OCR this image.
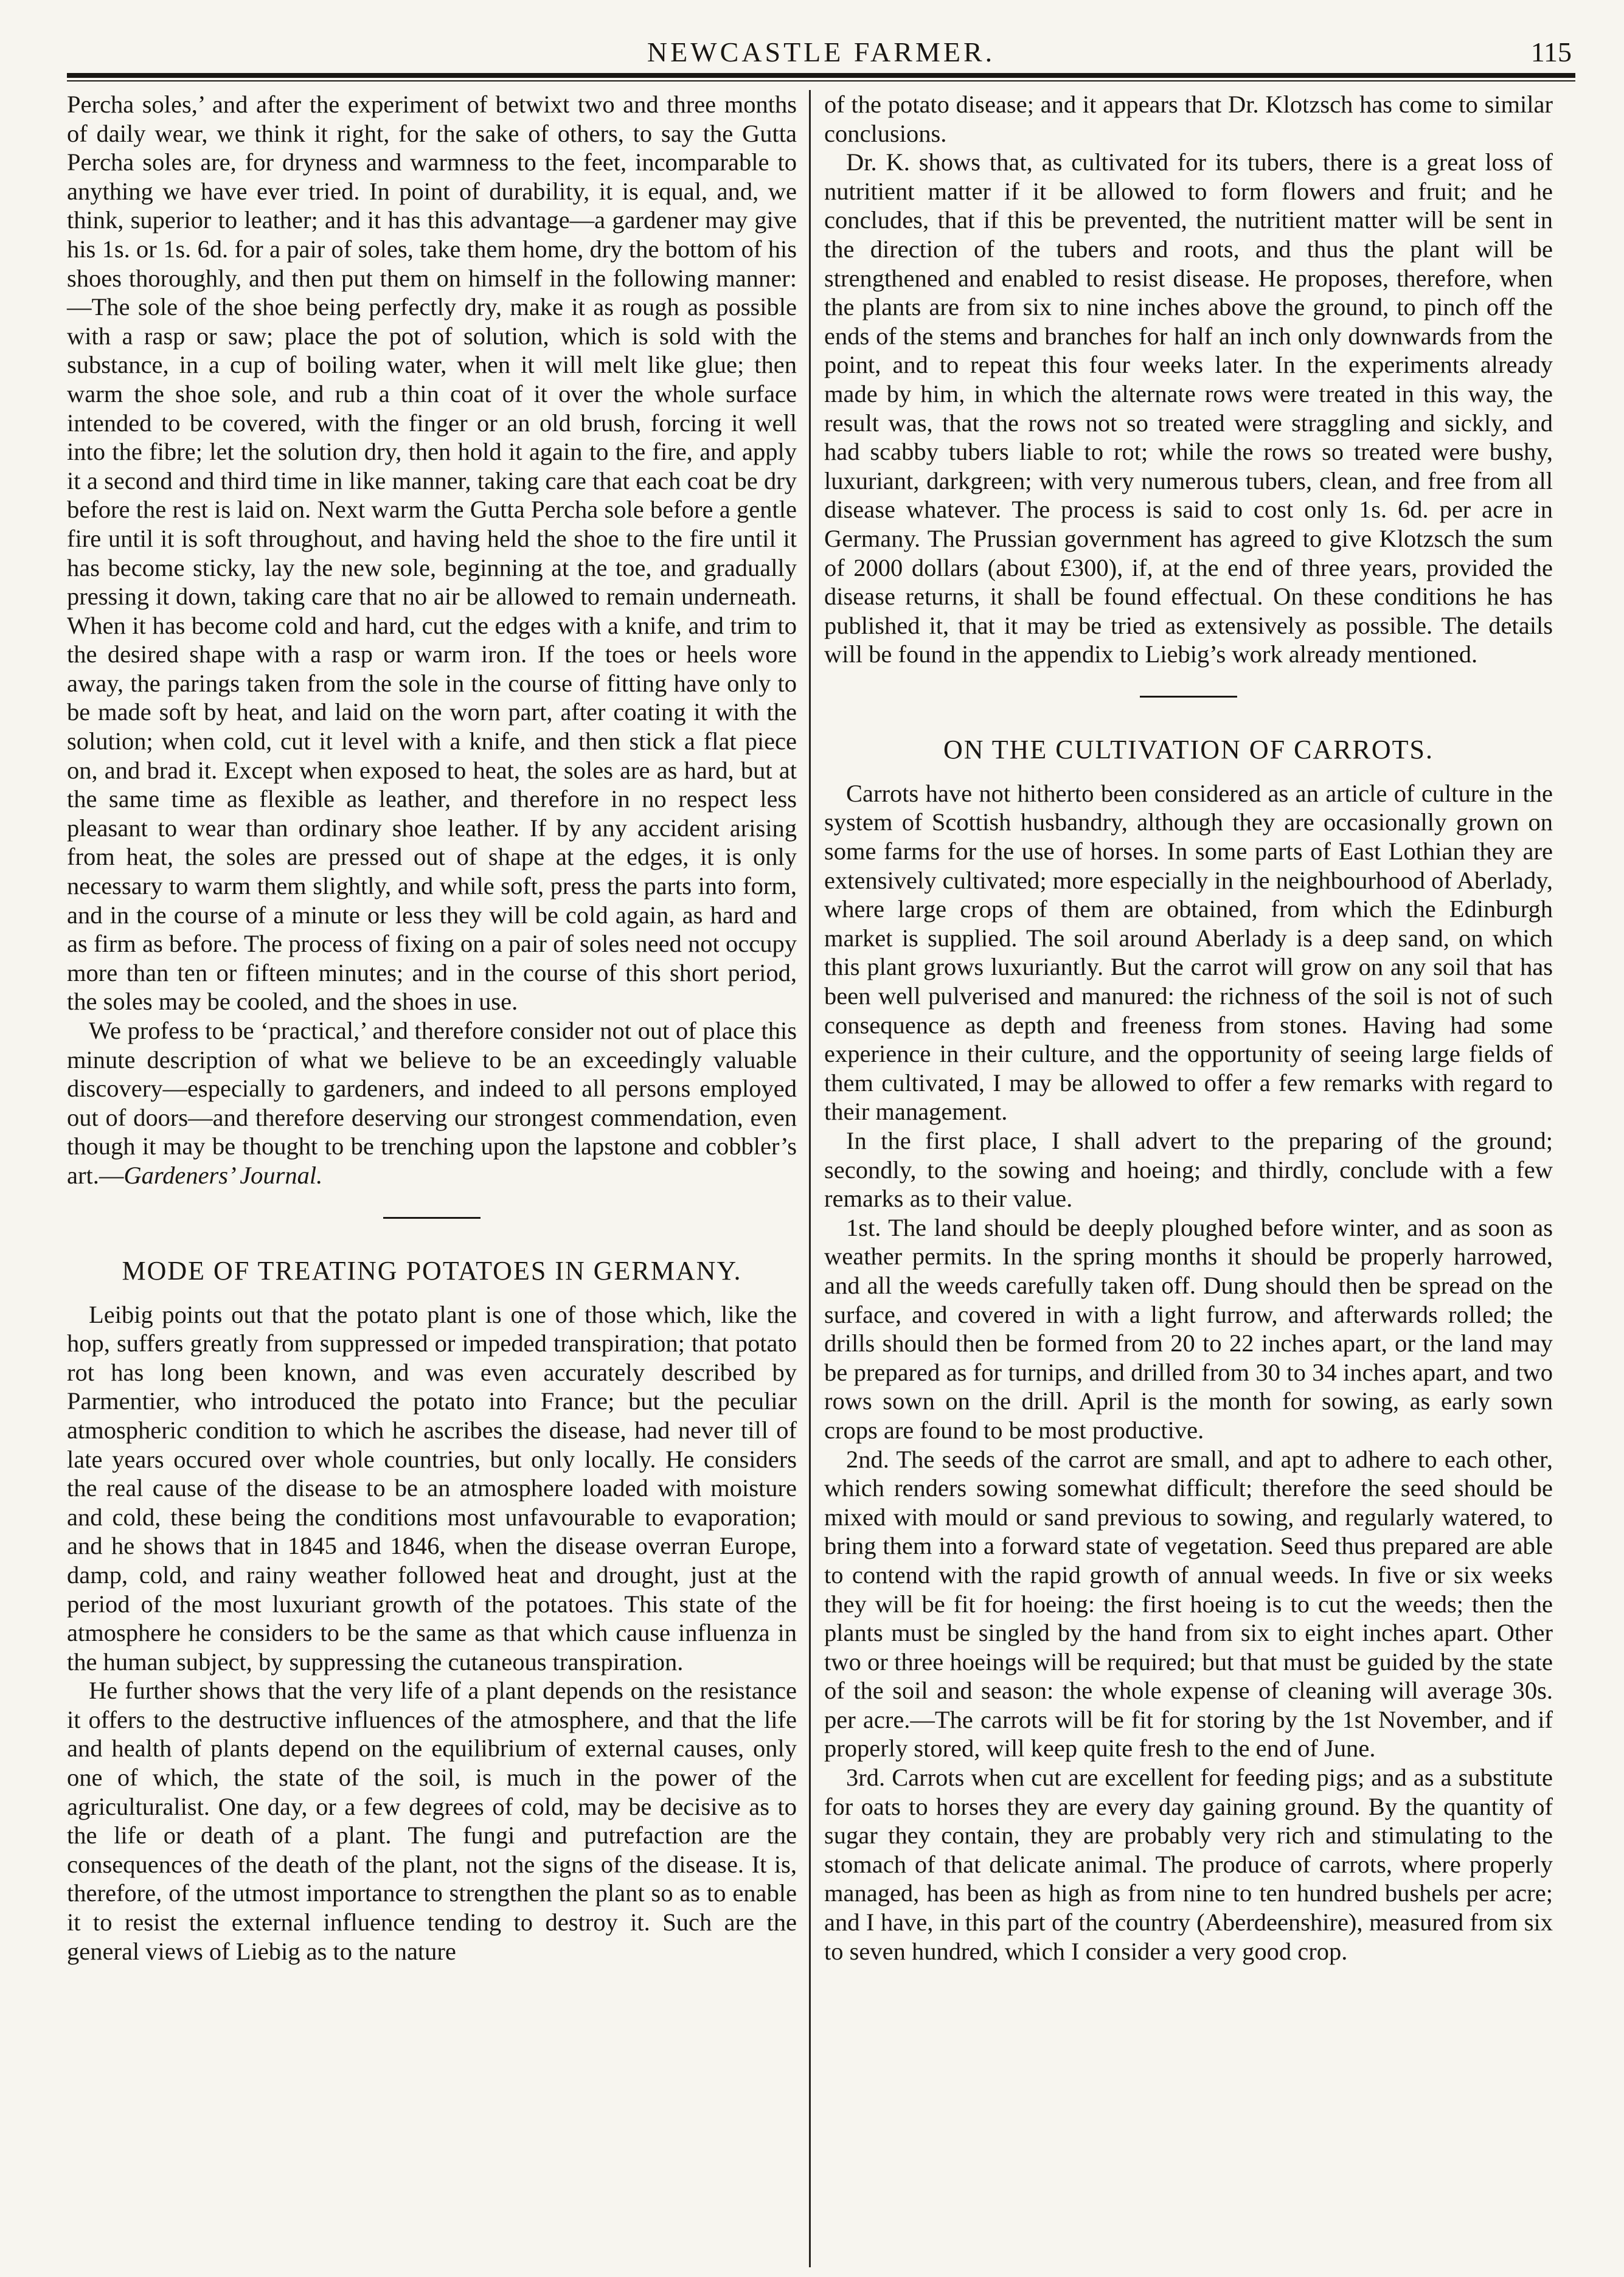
NEWCASTLE FARMER.	115

Percha soles,’ and after the experiment of betwixt two and three months of daily wear, we think it right, for the sake of others, to say the Gutta Percha soles are, for dryness and warmness to the feet, incomparable to anything we have ever tried. In point of durability, it is equal, and, we think, superior to leather; and it has this advantage—a gardener may give his 1s. or 1s. 6d. for a pair of soles, take them home, dry the bottom of his shoes thoroughly, and then put them on himself in the following manner:—The sole of the shoe being perfectly dry, make it as rough as possible with a rasp or saw; place the pot of solution, which is sold with the substance, in a cup of boiling water, when it will melt like glue; then warm the shoe sole, and rub a thin coat of it over the whole surface intended to be covered, with the finger or an old brush, forcing it well into the fibre; let the solution dry, then hold it again to the fire, and apply it a second and third time in like manner, taking care that each coat be dry before the rest is laid on. Next warm the Gutta Percha sole before a gentle fire until it is soft throughout, and having held the shoe to the fire until it has become sticky, lay the new sole, beginning at the toe, and gradually pressing it down, taking care that no air be allowed to remain underneath. When it has become cold and hard, cut the edges with a knife, and trim to the desired shape with a rasp or warm iron. If the toes or heels wore away, the parings taken from the sole in the course of fitting have only to be made soft by heat, and laid on the worn part, after coating it with the solution; when cold, cut it level with a knife, and then stick a flat piece on, and brad it. Except when exposed to heat, the soles are as hard, but at the same time as flexible as leather, and therefore in no respect less pleasant to wear than ordinary shoe leather. If by any accident arising from heat, the soles are pressed out of shape at the edges, it is only necessary to warm them slightly, and while soft, press the parts into form, and in the course of a minute or less they will be cold again, as hard and as firm as before. The process of fixing on a pair of soles need not occupy more than ten or fifteen minutes; and in the course of this short period, the soles may be cooled, and the shoes in use.

We profess to be ‘practical,’ and therefore consider not out of place this minute description of what we believe to be an exceedingly valuable discovery—especially to gardeners, and indeed to all persons employed out of doors—and therefore deserving our strongest commendation, even though it may be thought to be trenching upon the lapstone and cobbler’s art.—Gardeners’ Journal.

MODE OF TREATING POTATOES IN GERMANY.

Leibig points out that the potato plant is one of those which, like the hop, suffers greatly from suppressed or impeded transpiration; that potato rot has long been known, and was even accurately described by Parmentier, who introduced the potato into France; but the peculiar atmospheric condition to which he ascribes the disease, had never till of late years occured over whole countries, but only locally. He considers the real cause of the disease to be an atmosphere loaded with moisture and cold, these being the conditions most unfavourable to evaporation; and he shows that in 1845 and 1846, when the disease overran Europe, damp, cold, and rainy weather followed heat and drought, just at the period of the most luxuriant growth of the potatoes. This state of the atmosphere he considers to be the same as that which cause influenza in the human subject, by suppressing the cutaneous transpiration.

He further shows that the very life of a plant depends on the resistance it offers to the destructive influences of the atmosphere, and that the life and health of plants depend on the equilibrium of external causes, only one of which, the state of the soil, is much in the power of the agriculturalist. One day, or a few degrees of cold, may be decisive as to the life or death of a plant. The fungi and putrefaction are the consequences of the death of the plant, not the signs of the disease. It is, therefore, of the utmost importance to strengthen the plant so as to enable it to resist the external influence tending to destroy it. Such are the general views of Liebig as to the nature

of the potato disease; and it appears that Dr. Klotzsch has come to similar conclusions.

Dr. K. shows that, as cultivated for its tubers, there is a great loss of nutritient matter if it be allowed to form flowers and fruit; and he concludes, that if this be prevented, the nutritient matter will be sent in the direction of the tubers and roots, and thus the plant will be strengthened and enabled to resist disease. He proposes, therefore, when the plants are from six to nine inches above the ground, to pinch off the ends of the stems and branches for half an inch only downwards from the point, and to repeat this four weeks later. In the experiments already made by him, in which the alternate rows were treated in this way, the result was, that the rows not so treated were straggling and sickly, and had scabby tubers liable to rot; while the rows so treated were bushy, luxuriant, darkgreen; with very numerous tubers, clean, and free from all disease whatever. The process is said to cost only 1s. 6d. per acre in Germany. The Prussian government has agreed to give Klotzsch the sum of 2000 dollars (about £300), if, at the end of three years, provided the disease returns, it shall be found effectual. On these conditions he has published it, that it may be tried as extensively as possible. The details will be found in the appendix to Liebig’s work already mentioned.

ON THE CULTIVATION OF CARROTS.

Carrots have not hitherto been considered as an article of culture in the system of Scottish husbandry, although they are occasionally grown on some farms for the use of horses. In some parts of East Lothian they are extensively cultivated; more especially in the neighbourhood of Aberlady, where large crops of them are obtained, from which the Edinburgh market is supplied. The soil around Aberlady is a deep sand, on which this plant grows luxuriantly. But the carrot will grow on any soil that has been well pulverised and manured: the richness of the soil is not of such consequence as depth and freeness from stones. Having had some experience in their culture, and the opportunity of seeing large fields of them cultivated, I may be allowed to offer a few remarks with regard to their management.

In the first place, I shall advert to the preparing of the ground; secondly, to the sowing and hoeing; and thirdly, conclude with a few remarks as to their value.

1st. The land should be deeply ploughed before winter, and as soon as weather permits. In the spring months it should be properly harrowed, and all the weeds carefully taken off. Dung should then be spread on the surface, and covered in with a light furrow, and afterwards rolled; the drills should then be formed from 20 to 22 inches apart, or the land may be prepared as for turnips, and drilled from 30 to 34 inches apart, and two rows sown on the drill. April is the month for sowing, as early sown crops are found to be most productive.

2nd. The seeds of the carrot are small, and apt to adhere to each other, which renders sowing somewhat difficult; therefore the seed should be mixed with mould or sand previous to sowing, and regularly watered, to bring them into a forward state of vegetation. Seed thus prepared are able to contend with the rapid growth of annual weeds. In five or six weeks they will be fit for hoeing: the first hoeing is to cut the weeds; then the plants must be singled by the hand from six to eight inches apart. Other two or three hoeings will be required; but that must be guided by the state of the soil and season: the whole expense of cleaning will average 30s. per acre.—The carrots will be fit for storing by the 1st November, and if properly stored, will keep quite fresh to the end of June.

3rd. Carrots when cut are excellent for feeding pigs; and as a substitute for oats to horses they are every day gaining ground. By the quantity of sugar they contain, they are probably very rich and stimulating to the stomach of that delicate animal. The produce of carrots, where properly managed, has been as high as from nine to ten hundred bushels per acre; and I have, in this part of the country (Aberdeenshire), measured from six to seven hundred, which I consider a very good crop.
